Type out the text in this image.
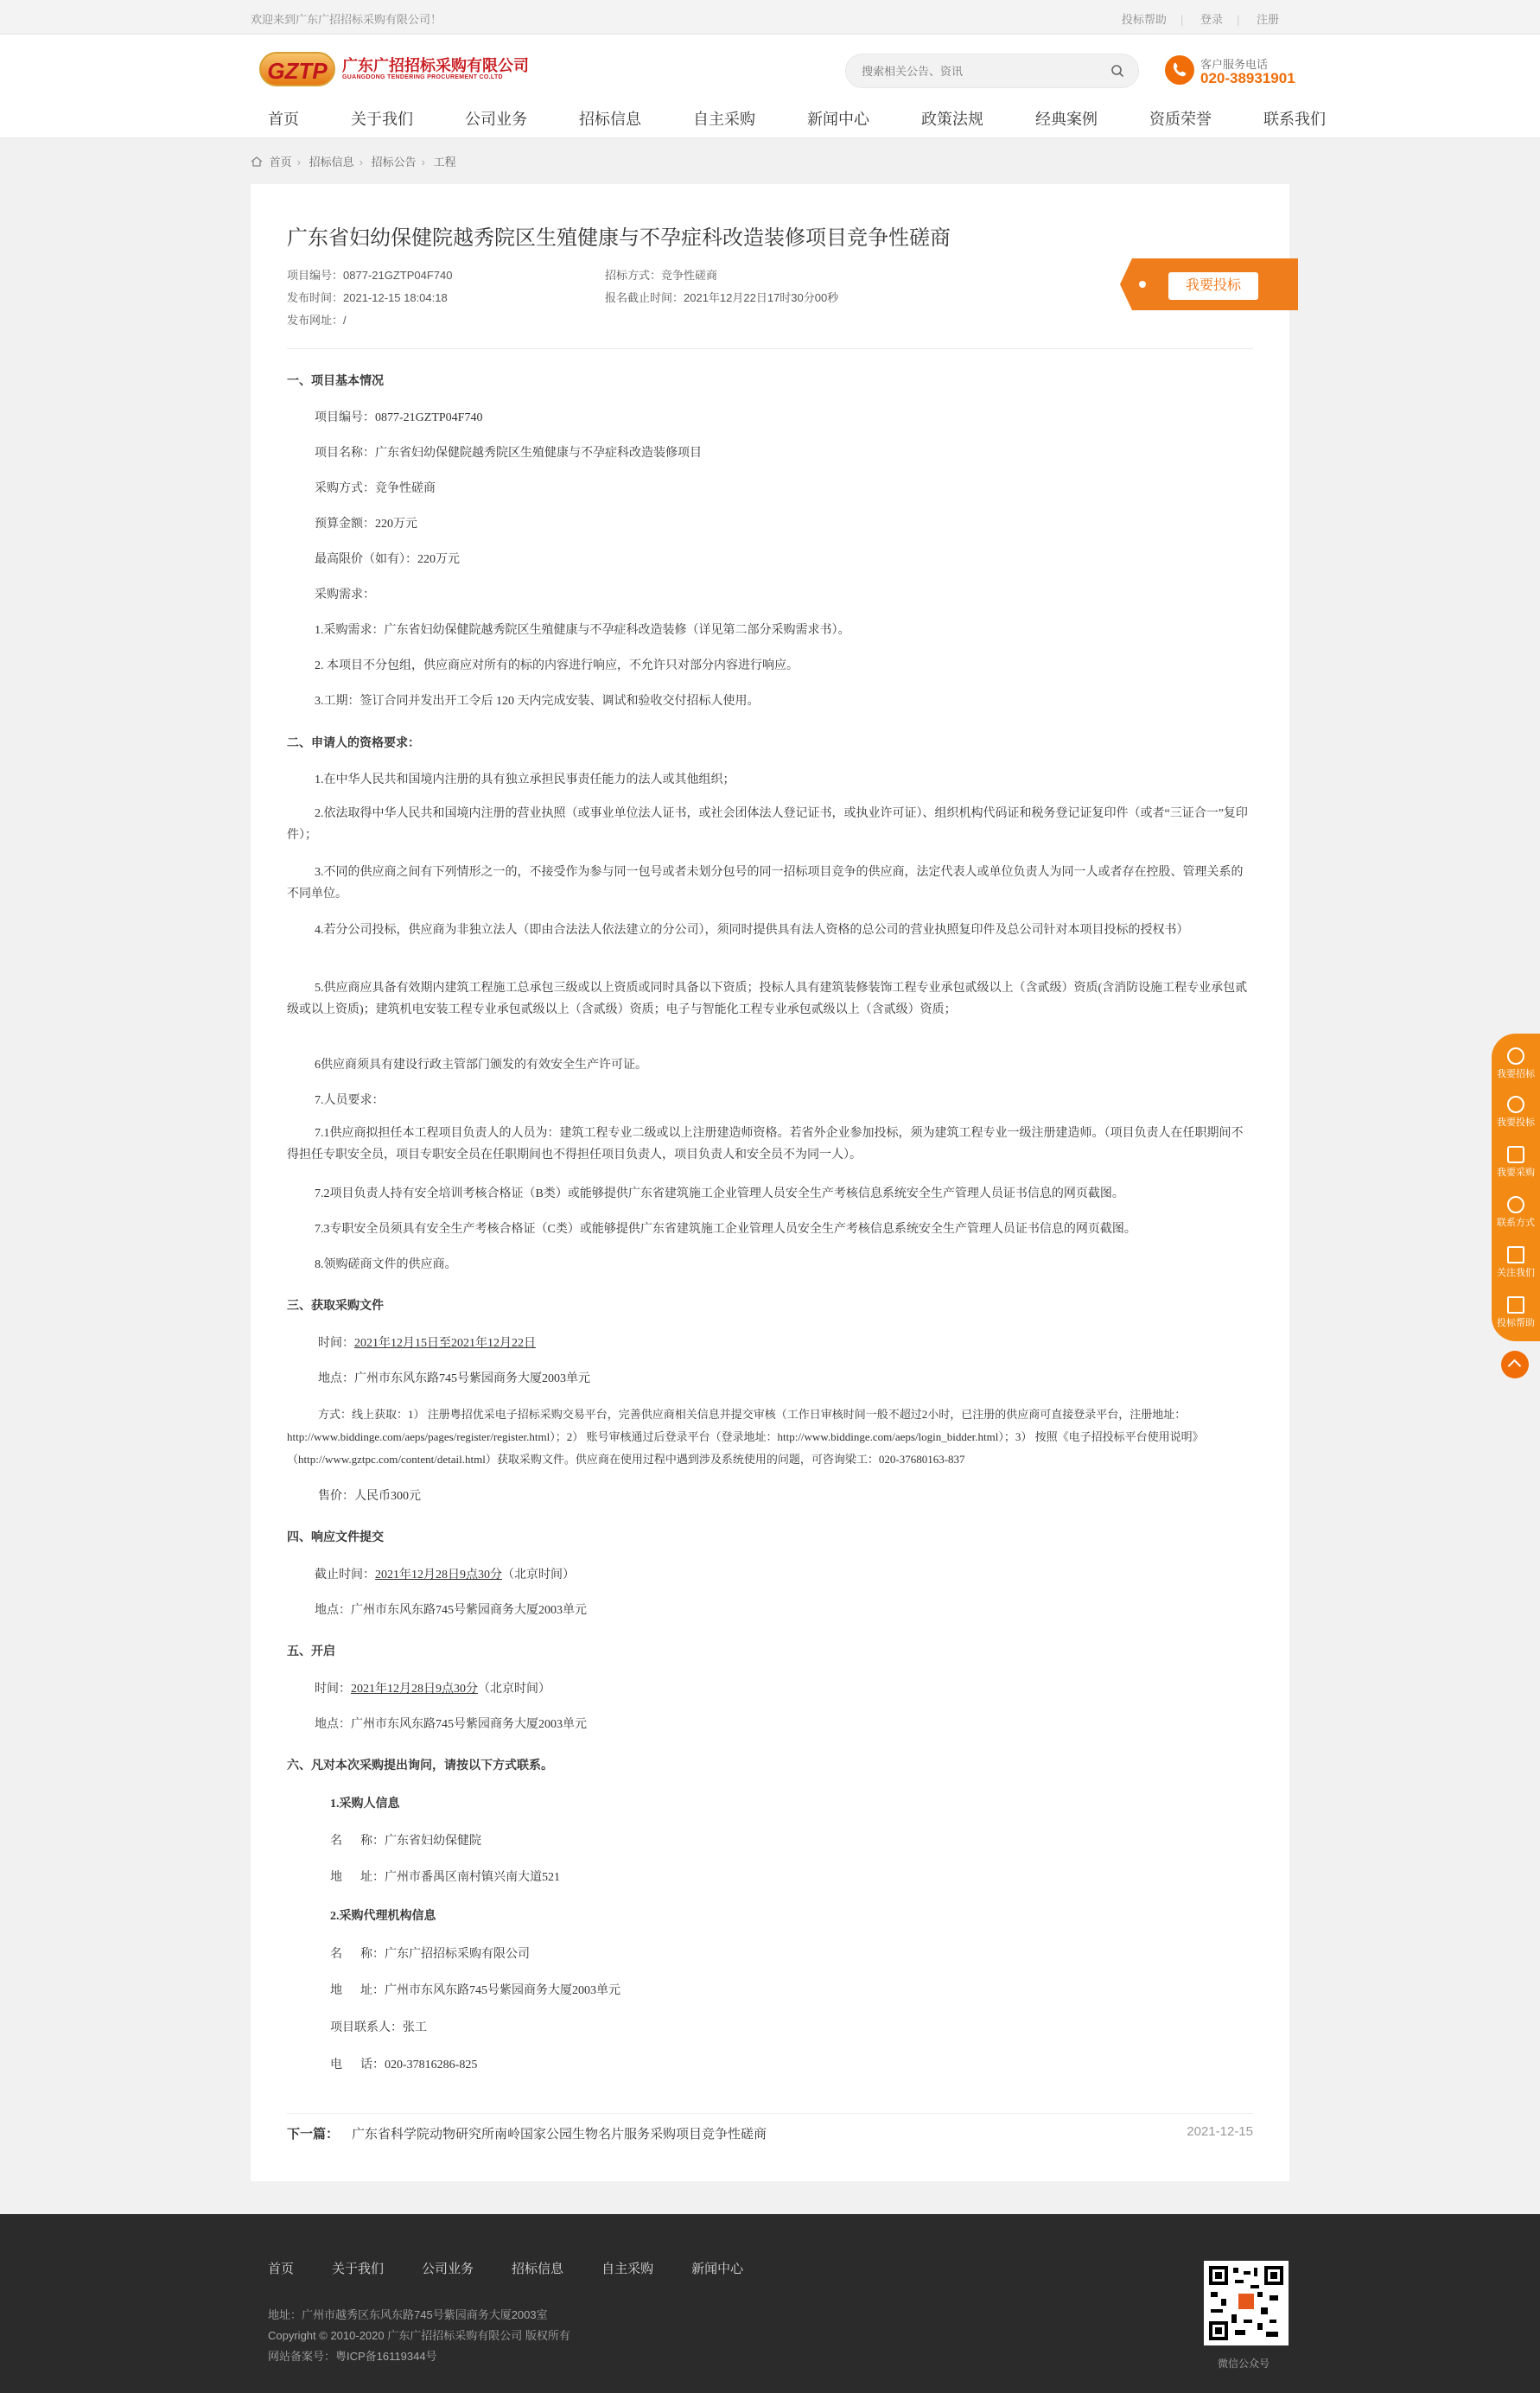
欢迎来到广东广招招标采购有限公司！	投标帮助 | 登录 | 注册
GZTP 广东广招招标采购有限公司
GUANGDONG TENDERING PROCUREMENT CO.LTD
搜索相关公告、资讯
客户服务电话
020-38931901
首页	关于我们	公司业务	招标信息	自主采购	新闻中心	政策法规	经典案例	资质荣誉	联系我们
首页 › 招标信息 › 招标公告 › 工程
广东省妇幼保健院越秀院区生殖健康与不孕症科改造装修项目竞争性磋商
项目编号：0877-21GZTP04F740	招标方式：竞争性磋商
发布时间：2021-12-15 18:04:18	报名截止时间：2021年12月22日17时30分00秒
发布网址：/
我要投标

一、项目基本情况

项目编号：0877-21GZTP04F740

项目名称：广东省妇幼保健院越秀院区生殖健康与不孕症科改造装修项目

采购方式：竞争性磋商

预算金额：220万元

最高限价（如有）：220万元

采购需求：

1.采购需求：广东省妇幼保健院越秀院区生殖健康与不孕症科改造装修（详见第二部分采购需求书）。

2. 本项目不分包组，供应商应对所有的标的内容进行响应，不允许只对部分内容进行响应。

3.工期：签订合同并发出开工令后 120 天内完成安装、调试和验收交付招标人使用。

二、申请人的资格要求：

1.在中华人民共和国境内注册的具有独立承担民事责任能力的法人或其他组织；

2.依法取得中华人民共和国境内注册的营业执照（或事业单位法人证书，或社会团体法人登记证书，或执业许可证）、组织机构代码证和税务登记证复印件（或者“三证合一”复印件）；

3.不同的供应商之间有下列情形之一的，不接受作为参与同一包号或者未划分包号的同一招标项目竞争的供应商，法定代表人或单位负责人为同一人或者存在控股、管理关系的不同单位。

4.若分公司投标，供应商为非独立法人（即由合法法人依法建立的分公司），须同时提供具有法人资格的总公司的营业执照复印件及总公司针对本项目投标的授权书）

5.供应商应具备有效期内建筑工程施工总承包三级或以上资质或同时具备以下资质；投标人具有建筑装修装饰工程专业承包贰级以上（含贰级）资质(含消防设施工程专业承包贰级或以上资质)；建筑机电安装工程专业承包贰级以上（含贰级）资质；电子与智能化工程专业承包贰级以上（含贰级）资质；

6供应商须具有建设行政主管部门颁发的有效安全生产许可证。

7.人员要求：

7.1供应商拟担任本工程项目负责人的人员为：建筑工程专业二级或以上注册建造师资格。若省外企业参加投标，须为建筑工程专业一级注册建造师。（项目负责人在任职期间不得担任专职安全员，项目专职安全员在任职期间也不得担任项目负责人，项目负责人和安全员不为同一人）。

7.2项目负责人持有安全培训考核合格证（B类）或能够提供广东省建筑施工企业管理人员安全生产考核信息系统安全生产管理人员证书信息的网页截图。

7.3专职安全员须具有安全生产考核合格证（C类）或能够提供广东省建筑施工企业管理人员安全生产考核信息系统安全生产管理人员证书信息的网页截图。

8.领购磋商文件的供应商。

三、获取采购文件

时间：2021年12月15日至2021年12月22日

地点：广州市东风东路745号紫园商务大厦2003单元

方式：线上获取：1） 注册粤招优采电子招标采购交易平台，完善供应商相关信息并提交审核（工作日审核时间一般不超过2小时，已注册的供应商可直接登录平台，注册地址：http://www.biddinge.com/aeps/pages/register/register.html）；2） 账号审核通过后登录平台（登录地址：http://www.biddinge.com/aeps/login_bidder.html）；3） 按照《电子招投标平台使用说明》（http://www.gztpc.com/content/detail.html）获取采购文件。供应商在使用过程中遇到涉及系统使用的问题，可咨询梁工：020-37680163-837

售价：人民币300元

四、响应文件提交

截止时间：2021年12月28日9点30分（北京时间）

地点：广州市东风东路745号紫园商务大厦2003单元

五、开启

时间：2021年12月28日9点30分（北京时间）

地点：广州市东风东路745号紫园商务大厦2003单元

六、凡对本次采购提出询问，请按以下方式联系。

1.采购人信息

名      称：广东省妇幼保健院

地      址：广州市番禺区南村镇兴南大道521

2.采购代理机构信息

名      称：广东广招招标采购有限公司

地      址：广州市东风东路745号紫园商务大厦2003单元

项目联系人：张工

电      话：020-37816286-825

下一篇： 广东省科学院动物研究所南岭国家公园生物名片服务采购项目竞争性磋商	2021-12-15
我要招标
我要投标
我要采购
联系方式
关注我们
投标帮助
首页	关于我们	公司业务	招标信息	自主采购	新闻中心
地址：广州市越秀区东风东路745号紫园商务大厦2003室
Copyright © 2010-2020 广东广招招标采购有限公司 版权所有
网站备案号：粤ICP备16119344号
微信公众号
